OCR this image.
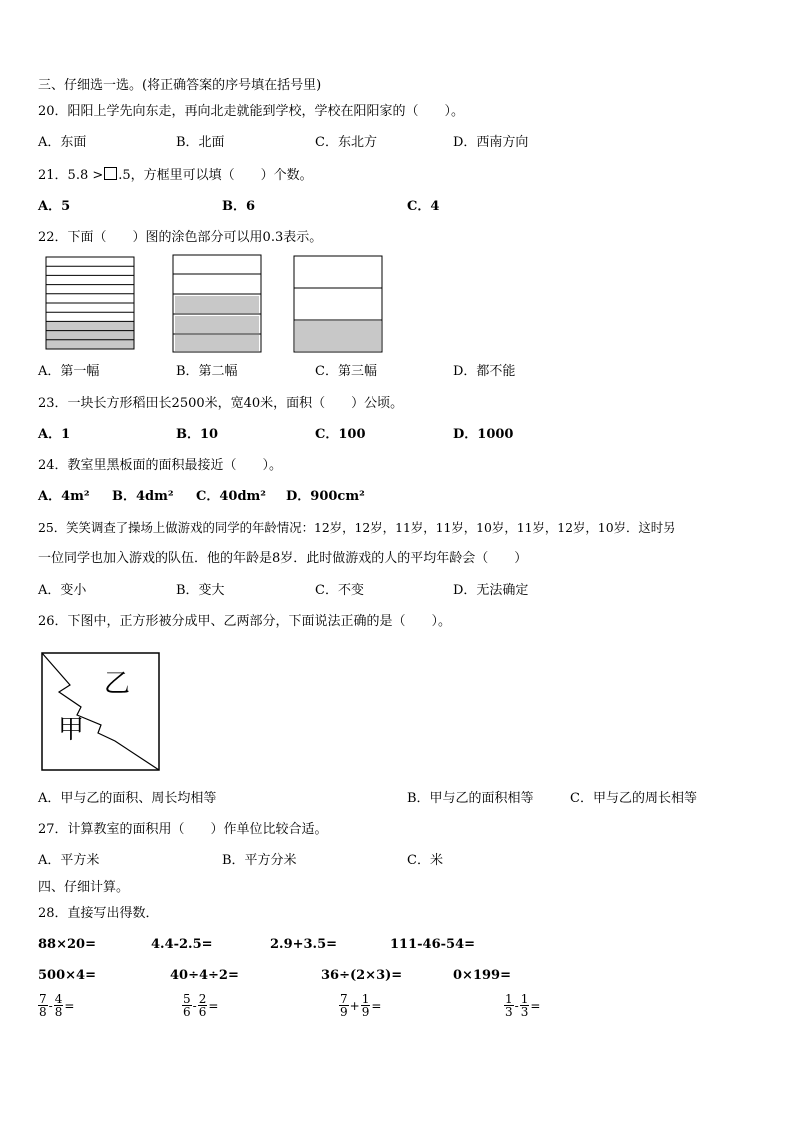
三、仔细选一选。(将正确答案的序号填在括号里)
20．阳阳上学先向东走，再向北走就能到学校，学校在阳阳家的（　　）。
A．东面	B．北面	C．东北方	D．西南方向
21．5.8 > .5，方框里可以填（　　）个数。
A．5	B．6	C．4
22．下面（　　）图的涂色部分可以用0.3表示。
A．第一幅	B．第二幅	C．第三幅	D．都不能
23．一块长方形稻田长2500米，宽40米，面积（　　）公顷。
A．1	B．10	C．100	D．1000
24．教室里黑板面的面积最接近（　　）。
A．4m² B．4dm² C．40dm² D．900cm²
25．笑笑调查了操场上做游戏的同学的年龄情况：12岁，12岁，11岁，11岁，10岁，11岁，12岁，10岁．这时另
一位同学也加入游戏的队伍．他的年龄是8岁．此时做游戏的人的平均年龄会（　　）
A．变小	B．变大	C．不变	D．无法确定
26．下图中，正方形被分成甲、乙两部分，下面说法正确的是（　　）。
乙
甲
A．甲与乙的面积、周长均相等	B．甲与乙的面积相等	C．甲与乙的周长相等
27．计算教室的面积用（　　）作单位比较合适。
A．平方米	B．平方分米	C．米
四、仔细计算。
28．直接写出得数．
88×20=	4.4-2.5=	2.9+3.5=	111-46-54=
500×4=	40÷4÷2=	36÷(2×3)=	0×199=
$\frac{7}{8} - \frac{4}{8}$ =	$\frac{5}{6} - \frac{2}{6}$ =	$\frac{7}{9} + \frac{1}{9}$ =	$\frac{1}{3} - \frac{1}{3}$ =
